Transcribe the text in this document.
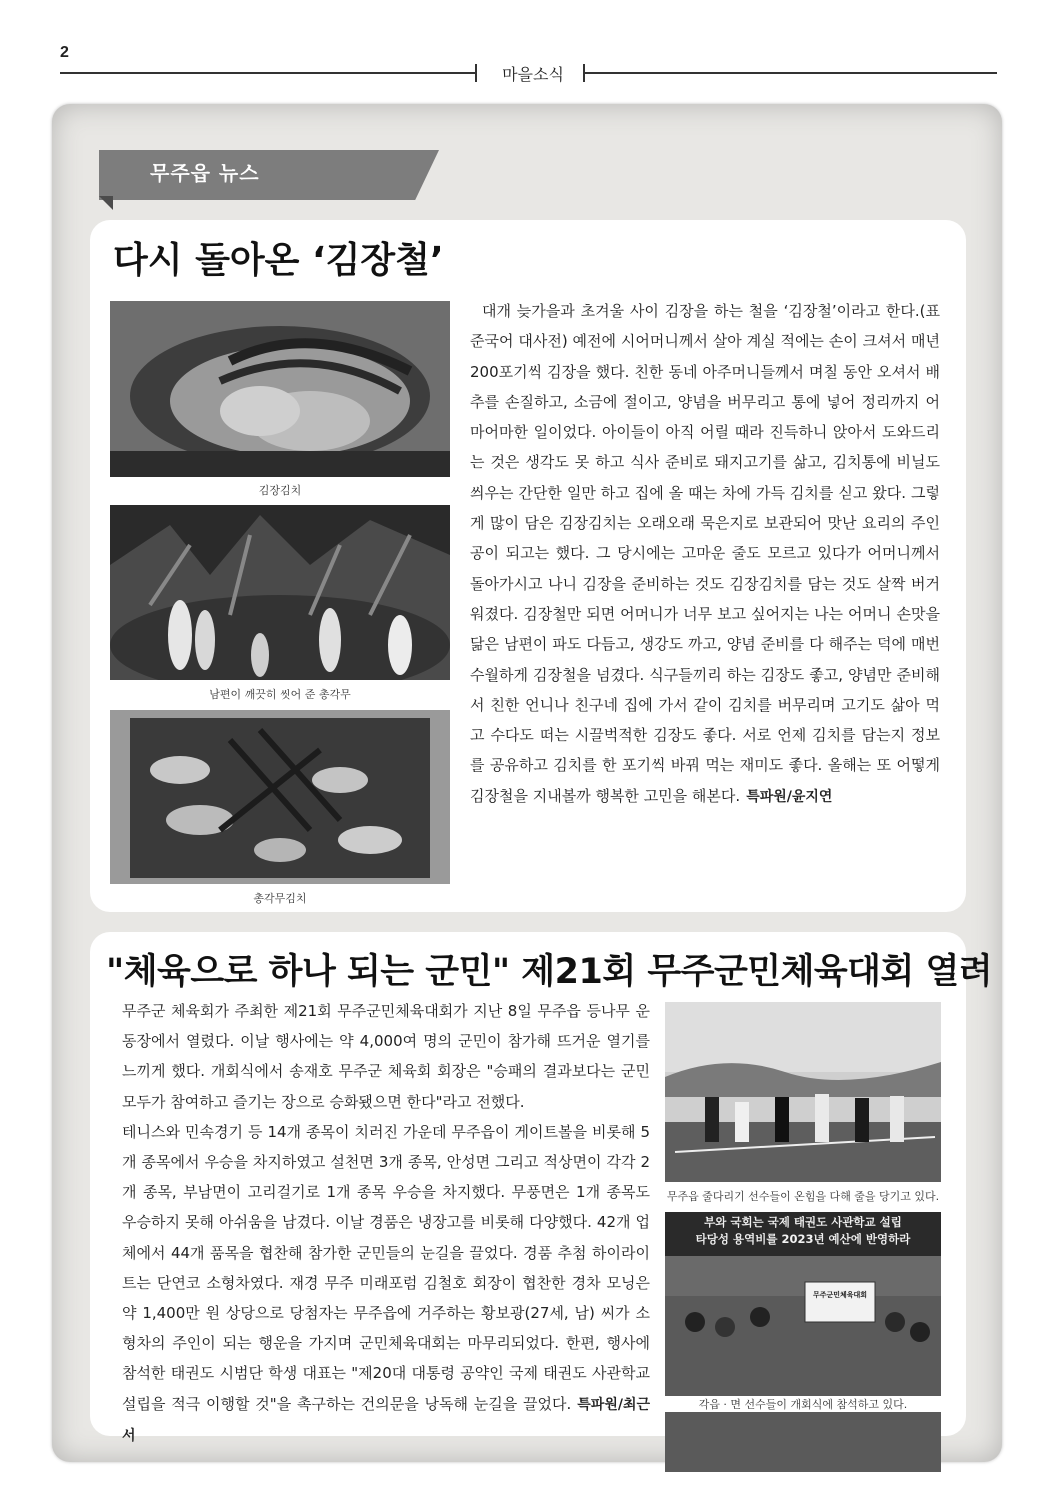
2
마을소식
무주읍 뉴스
다시 돌아온 ‘김장철’
김장김치
남편이 깨끗히 씻어 준 총각무
총각무김치

대개 늦가을과 초겨울 사이 김장을 하는 철을 ‘김장철’이라고 한다.(표준국어 대사전) 예전에 시어머니께서 살아 계실 적에는 손이 크셔서 매년 200포기씩 김장을 했다. 친한 동네 아주머니들께서 며칠 동안 오셔서 배추를 손질하고, 소금에 절이고, 양념을 버무리고 통에 넣어 정리까지 어마어마한 일이었다. 아이들이 아직 어릴 때라 진득하니 앉아서 도와드리는 것은 생각도 못 하고 식사 준비로 돼지고기를 삶고, 김치통에 비닐도 씌우는 간단한 일만 하고 집에 올 때는 차에 가득 김치를 싣고 왔다. 그렇게 많이 담은 김장김치는 오래오래 묵은지로 보관되어 맛난 요리의 주인공이 되고는 했다. 그 당시에는 고마운 줄도 모르고 있다가 어머니께서 돌아가시고 나니 김장을 준비하는 것도 김장김치를 담는 것도 살짝 버거워졌다. 김장철만 되면 어머니가 너무 보고 싶어지는 나는 어머니 손맛을 닮은 남편이 파도 다듬고, 생강도 까고, 양념 준비를 다 해주는 덕에 매번 수월하게 김장철을 넘겼다. 식구들끼리 하는 김장도 좋고, 양념만 준비해서 친한 언니나 친구네 집에 가서 같이 김치를 버무리며 고기도 삶아 먹고 수다도 떠는 시끌벅적한 김장도 좋다. 서로 언제 김치를 담는지 정보를 공유하고 김치를 한 포기씩 바꿔 먹는 재미도 좋다. 올해는 또 어떻게 김장철을 지내볼까 행복한 고민을 해본다. 특파원/윤지연

"체육으로 하나 되는 군민" 제21회 무주군민체육대회 열려

무주군 체육회가 주최한 제21회 무주군민체육대회가 지난 8일 무주읍 등나무 운동장에서 열렸다. 이날 행사에는 약 4,000여 명의 군민이 참가해 뜨거운 열기를 느끼게 했다. 개회식에서 송재호 무주군 체육회 회장은 "승패의 결과보다는 군민 모두가 참여하고 즐기는 장으로 승화됐으면 한다"라고 전했다.

테니스와 민속경기 등 14개 종목이 치러진 가운데 무주읍이 게이트볼을 비롯해 5개 종목에서 우승을 차지하였고 설천면 3개 종목, 안성면 그리고 적상면이 각각 2개 종목, 부남면이 고리걸기로 1개 종목 우승을 차지했다. 무풍면은 1개 종목도 우승하지 못해 아쉬움을 남겼다. 이날 경품은 냉장고를 비롯해 다양했다. 42개 업체에서 44개 품목을 협찬해 참가한 군민들의 눈길을 끌었다. 경품 추첨 하이라이트는 단연코 소형차였다. 재경 무주 미래포럼 김철호 회장이 협찬한 경차 모닝은 약 1,400만 원 상당으로 당첨자는 무주읍에 거주하는 황보광(27세, 남) 씨가 소형차의 주인이 되는 행운을 가지며 군민체육대회는 마무리되었다. 한편, 행사에 참석한 태권도 시범단 학생 대표는 "제20대 대통령 공약인 국제 태권도 사관학교 설립을 적극 이행할 것"을 촉구하는 건의문을 낭독해 눈길을 끌었다. 특파원/최근서

무주읍 줄다리기 선수들이 온힘을 다해 줄을 당기고 있다.
부와 국회는 국제 태권도 사관학교 설립
타당성 용역비를 2023년 예산에 반영하라
무주군민체육대회
각읍 · 면 선수들이 개회식에 참석하고 있다.
